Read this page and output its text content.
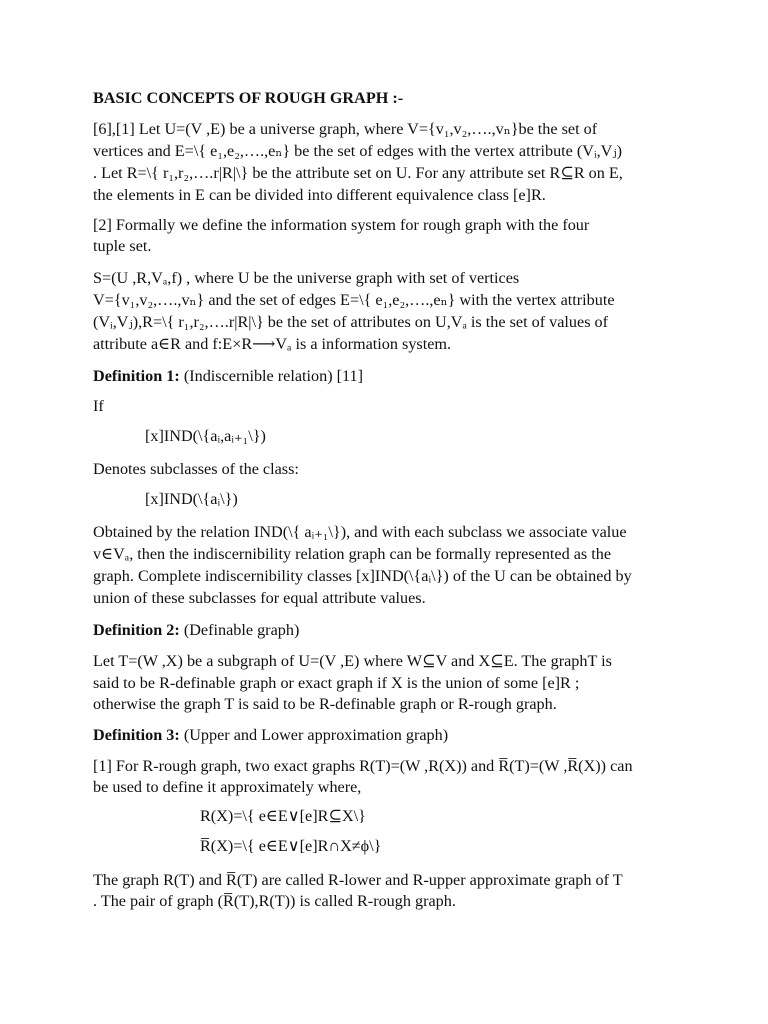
BASIC CONCEPTS OF ROUGH GRAPH :-

[6],[1] Let U=(V ,E) be a universe graph, where V={v₁,v₂,….,vₙ}be the set of

vertices and E=\{ e₁,e₂,….,eₙ} be the set of edges with the vertex attribute (Vᵢ,Vⱼ)

. Let R=\{ r₁,r₂,….r|R|\} be the attribute set on U. For any attribute set R⊆R on E,

the elements in E can be divided into different equivalence class [e]R.

[2] Formally we define the information system for rough graph with the four

tuple set.

S=(U ,R,Vₐ,f) , where U be the universe graph with set of vertices

V={v₁,v₂,….,vₙ} and the set of edges E=\{ e₁,e₂,….,eₙ} with the vertex attribute

(Vᵢ,Vⱼ),R=\{ r₁,r₂,….r|R|\} be the set of attributes on U,Vₐ is the set of values of

attribute a∈R and f:E×R⟶Vₐ is a information system.

Definition 1: (Indiscernible relation) [11]

If

[x]IND(\{aᵢ,aᵢ₊₁\})

Denotes subclasses of the class:

[x]IND(\{aᵢ\})

Obtained by the relation IND(\{ aᵢ₊₁\}), and with each subclass we associate value

v∈Vₐ, then the indiscernibility relation graph can be formally represented as the

graph. Complete indiscernibility classes [x]IND(\{aᵢ\}) of the U can be obtained by

union of these subclasses for equal attribute values.

Definition 2: (Definable graph)

Let T=(W ,X) be a subgraph of U=(V ,E) where W⊆V and X⊆E. The graphT is

said to be R-definable graph or exact graph if X is the union of some [e]R ;

otherwise the graph T is said to be R-definable graph or R-rough graph.

Definition 3: (Upper and Lower approximation graph)

[1] For R-rough graph, two exact graphs R(T)=(W ,R(X)) and R̅(T)=(W ,R̅(X)) can

be used to define it approximately where,

R(X)=\{ e∈E∨[e]R⊆X\}

R̅(X)=\{ e∈E∨[e]R∩X≠ϕ\}

The graph R(T) and R̅(T) are called R-lower and R-upper approximate graph of T

. The pair of graph (R̅(T),R(T)) is called R-rough graph.
